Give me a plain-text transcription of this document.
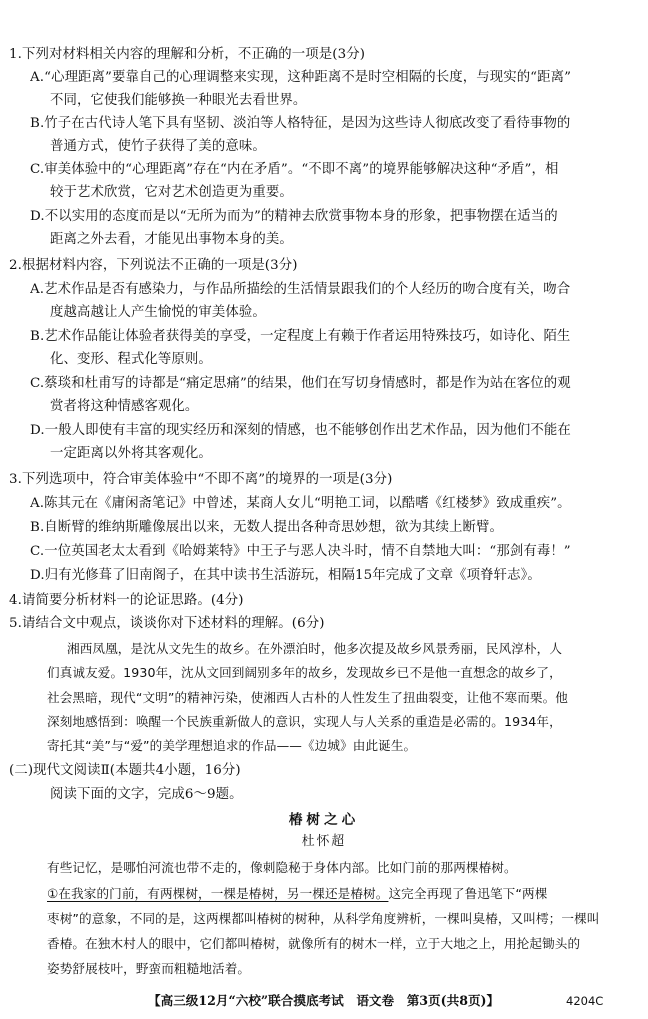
1.下列对材料相关内容的理解和分析，不正确的一项是(3分)
A.“心理距离”要靠自己的心理调整来实现，这种距离不是时空相隔的长度，与现实的“距离”
不同，它使我们能够换一种眼光去看世界。
B.竹子在古代诗人笔下具有坚韧、淡泊等人格特征，是因为这些诗人彻底改变了看待事物的
普通方式，使竹子获得了美的意味。
C.审美体验中的“心理距离”存在“内在矛盾”。“不即不离”的境界能够解决这种“矛盾”，相
较于艺术欣赏，它对艺术创造更为重要。
D.不以实用的态度而是以“无所为而为”的精神去欣赏事物本身的形象，把事物摆在适当的
距离之外去看，才能见出事物本身的美。
2.根据材料内容，下列说法不正确的一项是(3分)
A.艺术作品是否有感染力，与作品所描绘的生活情景跟我们的个人经历的吻合度有关，吻合
度越高越让人产生愉悦的审美体验。
B.艺术作品能让体验者获得美的享受，一定程度上有赖于作者运用特殊技巧，如诗化、陌生
化、变形、程式化等原则。
C.蔡琰和杜甫写的诗都是“痛定思痛”的结果，他们在写切身情感时，都是作为站在客位的观
赏者将这种情感客观化。
D.一般人即使有丰富的现实经历和深刻的情感，也不能够创作出艺术作品，因为他们不能在
一定距离以外将其客观化。
3.下列选项中，符合审美体验中“不即不离”的境界的一项是(3分)
A.陈其元在《庸闲斋笔记》中曾述，某商人女儿“明艳工词，以酷嗜《红楼梦》致成重疾”。
B.自断臂的维纳斯雕像展出以来，无数人提出各种奇思妙想，欲为其续上断臂。
C.一位英国老太太看到《哈姆莱特》中王子与恶人决斗时，情不自禁地大叫：“那剑有毒！”
D.归有光修葺了旧南阁子，在其中读书生活游玩，相隔15年完成了文章《项脊轩志》。
4.请简要分析材料一的论证思路。(4分)
5.请结合文中观点，谈谈你对下述材料的理解。(6分)
湘西凤凰，是沈从文先生的故乡。在外漂泊时，他多次提及故乡风景秀丽，民风淳朴，人
们真诚友爱。1930年，沈从文回到阔别多年的故乡，发现故乡已不是他一直想念的故乡了，
社会黑暗，现代“文明”的精神污染，使湘西人古朴的人性发生了扭曲裂变，让他不寒而栗。他
深刻地感悟到：唤醒一个民族重新做人的意识，实现人与人关系的重造是必需的。1934年，
寄托其“美”与“爱”的美学理想追求的作品——《边城》由此诞生。
(二)现代文阅读Ⅱ(本题共4小题，16分)
阅读下面的文字，完成6～9题。
椿树之心
杜怀超
有些记忆，是哪怕河流也带不走的，像刺隐秘于身体内部。比如门前的那两棵椿树。
①在我家的门前，有两棵树，一棵是椿树，另一棵还是椿树。这完全再现了鲁迅笔下“两棵
枣树”的意象，不同的是，这两棵都叫椿树的树种，从科学角度辨析，一棵叫臭椿，又叫樗；一棵叫
香椿。在独木村人的眼中，它们都叫椿树，就像所有的树木一样，立于大地之上，用抡起锄头的
姿势舒展枝叶，野蛮而粗糙地活着。
【高三级12月“六校”联合摸底考试　语文卷　第3页(共8页)】	4204C
